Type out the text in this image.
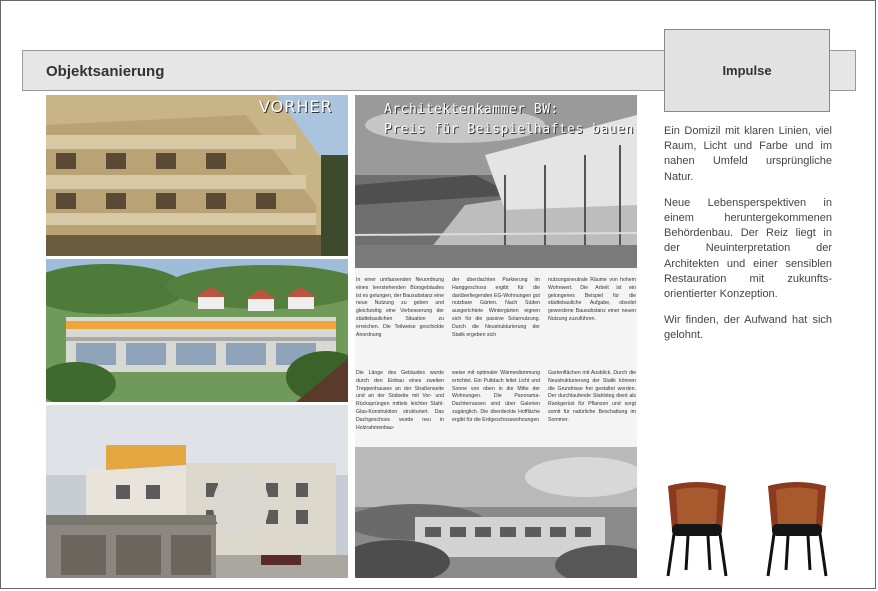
Objektsanierung	Impulse

Ein Domizil mit klaren Linien, viel Raum, Licht und Farbe und im nahen Umfeld ursprüngliche Natur.

Neue Lebensperspektiven in einem heruntergekommenen Behördenbau. Der Reiz liegt in der Neuinterpretation der Architekten und einer sensiblen Restauration mit zukunfts-orientierter Konzeption.

Wir finden, der Aufwand hat sich gelohnt.

VORHER	Architektenkammer BW:
Preis für Beispielhaftes bauen
In einer umfassenden Neuordnung eines leerstehenden Bürogebäudes ist es gelungen, der Bausubstanz eine neue Nutzung zu geben und gleichzeitig eine Verbesserung der städtebaulichen Situation zu erreichen. Die Teilweise geschickte Anordnung
der überdachten Parkierung im Hanggeschoss ergibt für die darüberliegenden EG-Wohnungen gut nutzbare Gärten. Nach Süden ausgerichtete Wintergärten eignen sich für die passive Solarnutzung. Durch die Neustrukturierung der Statik ergeben sich
nutzungsneutrale Räume von hohem Wohnwert. Die Arbeit ist ein gelungenes Beispiel für die städtebauliche Aufgabe, obsolet gewordene Bausubstanz einer neuen Nutzung zuzuführen.
Die Länge des Gebäudes wurde durch den Einbau eines zweiten Treppenhauses an der Straßenseite und an der Südseite mit Vor- und Rücksprüngen mittels leichter Stahl-Glas-Konstruktion strukturiert. Das Dachgeschoss wurde neu in Holzrahmenbau-
weise mit optimaler Wärmedämmung errichtet. Ein Pultdach leitet Licht und Sonne von oben in die Mitte der Wohnungen. Die Panorama-Dachterrassen sind über Galerien zugänglich. Die überdeckte Hoffläche ergibt für die Erdgeschosswohnungen
Gartenflächen mit Ausblick. Durch die Neustrukturierung der Statik können die Grundrisse frei gestaltet werden. Der durchlaufende Stahlsteg dient als Rankgerüst für Pflanzen und sorgt somit für natürliche Beschattung im Sommer.
